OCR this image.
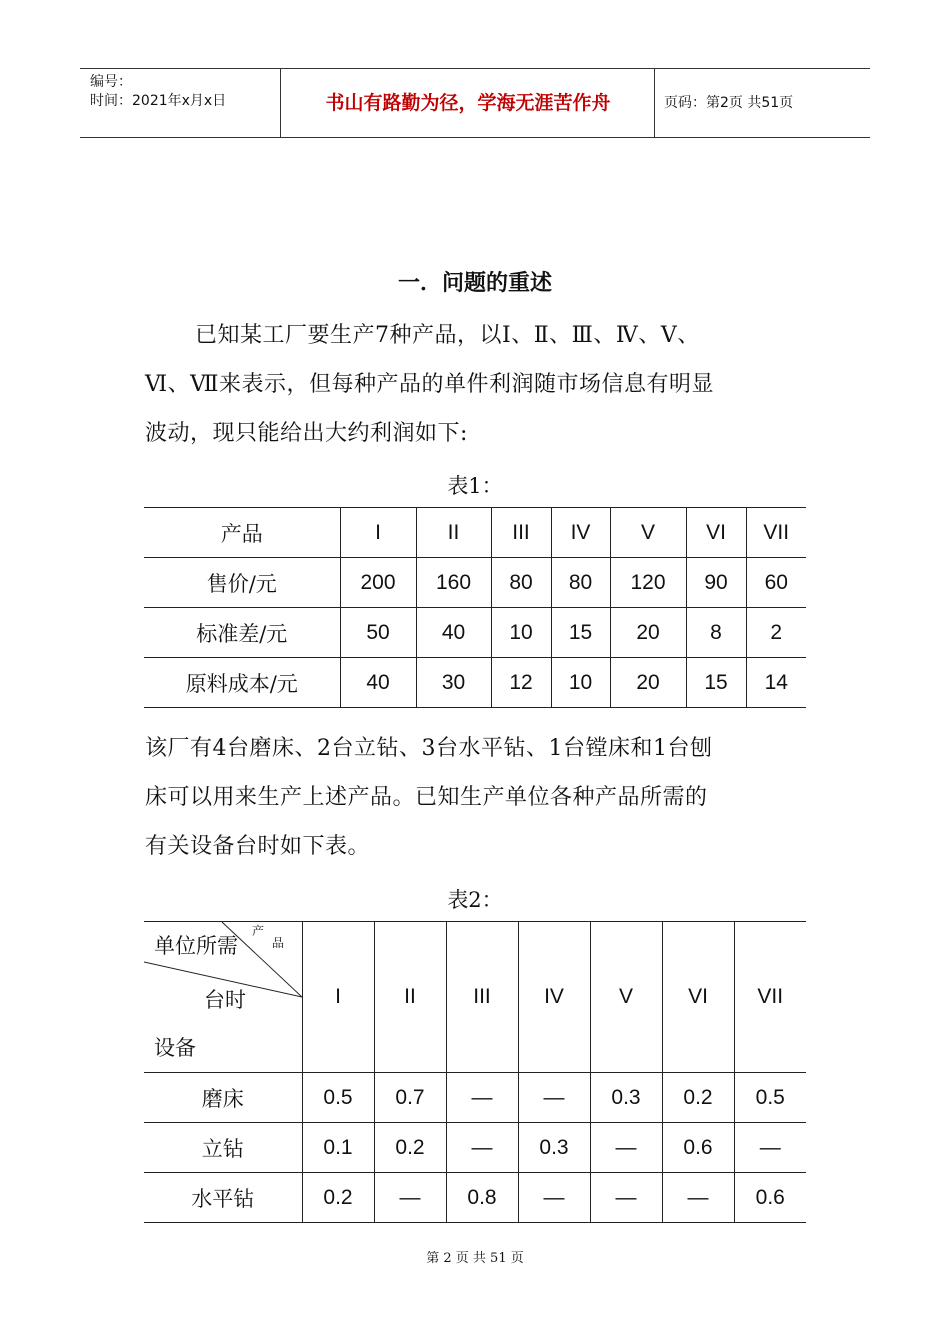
编号：
时间：2021年x月x日	书山有路勤为径，学海无涯苦作舟	页码：第2页 共51页
一．问题的重述
已知某工厂要生产7种产品，以Ⅰ、Ⅱ、Ⅲ、Ⅳ、Ⅴ、
Ⅵ、Ⅶ来表示，但每种产品的单件利润随市场信息有明显
波动，现只能给出大约利润如下:
表1：
产品	I	II	III	IV	V	VI	VII
售价/元	200	160	80	80	120	90	60
标准差/元	50	40	10	15	20	8	2
原料成本/元	40	30	12	10	20	15	14
该厂有4台磨床、2台立钻、3台水平钻、1台镗床和1台刨
床可以用来生产上述产品。已知生产单位各种产品所需的
有关设备台时如下表。
表2：
单位所需
产
品
台时
设备	I	II	III	IV	V	VI	VII
磨床	0.5	0.7	—	—	0.3	0.2	0.5
立钻	0.1	0.2	—	0.3	—	0.6	—
水平钻	0.2	—	0.8	—	—	—	0.6
第 2 页 共 51 页
